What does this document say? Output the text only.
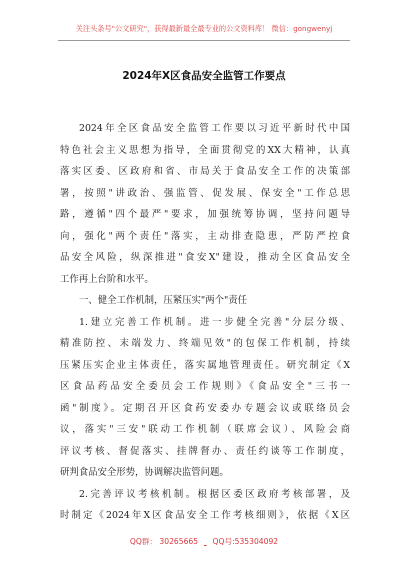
关注头条号"公文研究"，获得最新最全最专业的公文资料库！ 微信：gongwenyj
2024年X区食品安全监管工作要点
2024年全区食品安全监管工作要以习近平新时代中国
特色社会主义思想为指导，全面贯彻党的XX大精神，认真
落实区委、区政府和省、市局关于食品安全工作的决策部
署，按照"讲政治、强监管、促发展、保安全"工作总思
路，遵循"四个最严"要求，加强统筹协调，坚持问题导
向，强化"两个责任"落实，主动排查隐患，严防严控食
品安全风险，纵深推进"食安X"建设，推动全区食品安全
工作再上台阶和水平。
一、健全工作机制，压紧压实"两个"责任
1.建立完善工作机制。进一步健全完善"分层分级、
精准防控、末端发力、终端见效"的包保工作机制，持续
压紧压实企业主体责任，落实属地管理责任。研究制定《X
区食品药品安全委员会工作规则》《食品安全"三书一
函"制度》。定期召开区食药安委办专题会议或联络员会
议，落实"三安"联动工作机制（联席会议）、风险会商
评议考核、督促落实、挂牌督办、责任约谈等工作制度，
研判食品安全形势，协调解决监管问题。
2.完善评议考核机制。根据区委区政府考核部署，及
时制定《2024年X区食品安全工作考核细则》，依据《X区
QQ群： 30265665 QQ号:535304092
